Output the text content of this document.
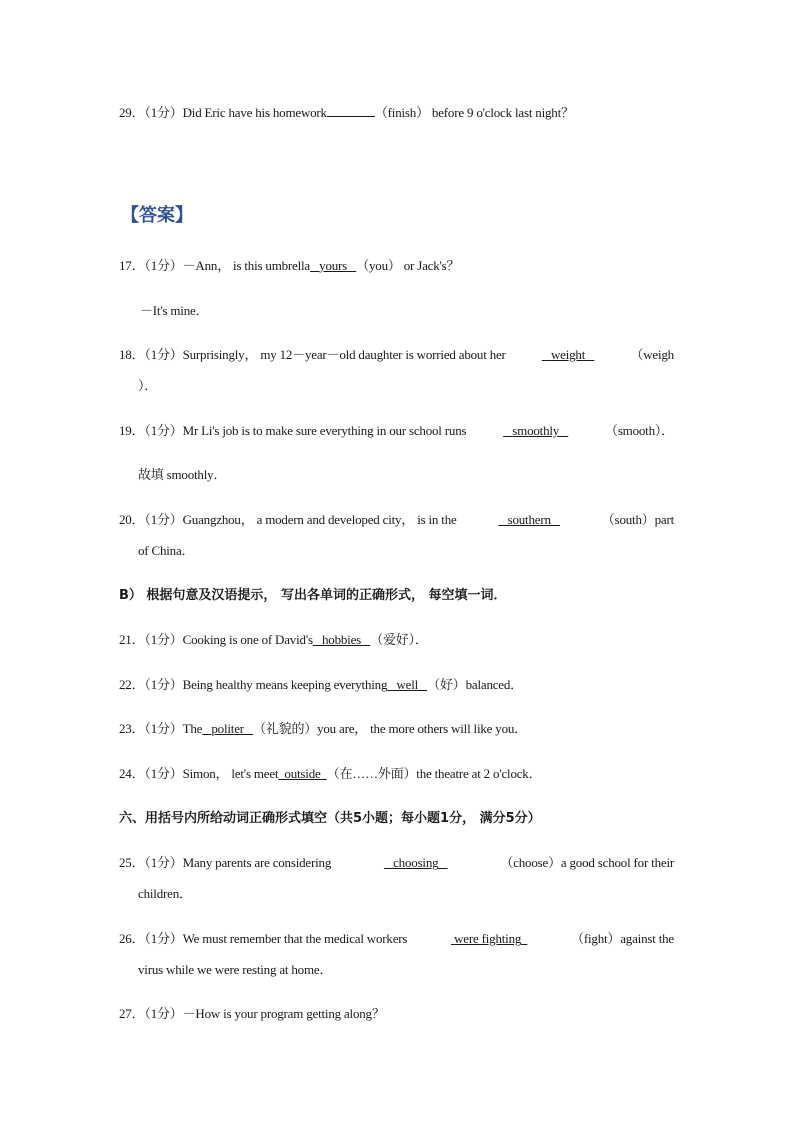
29．（1分）Did Eric have his homework	（finish） before 9 o'clock last night？
【答案】
17．（1分）－Ann， is this umbrella yours （you） or Jack's？
－It's mine．
18．（1分）Surprisingly， my 12－year－old daughter is worried about her	weight	（weigh
）．
19．（1分）Mr Li's job is to make sure everything in our school runs	smoothly	（smooth）．
故填 smoothly．
20．（1分）Guangzhou， a modern and developed city， is in the	southern	（south）part
of China．
B） 根据句意及汉语提示， 写出各单词的正确形式， 每空填一词．
21．（1分）Cooking is one of David's hobbies （爱好）．
22．（1分）Being healthy means keeping everything well （好）balanced．
23．（1分）The politer （礼貌的）you are， the more others will like you．
24．（1分）Simon， let's meet outside （在……外面）the theatre at 2 o'clock．
六、用括号内所给动词正确形式填空（共5小题；每小题1分， 满分5分）
25．（1分）Many parents are considering	choosing	（choose）a good school for their
children．
26．（1分）We must remember that the medical workers	were fighting	（fight）against the
virus while we were resting at home．
27．（1分）－How is your program getting along？
